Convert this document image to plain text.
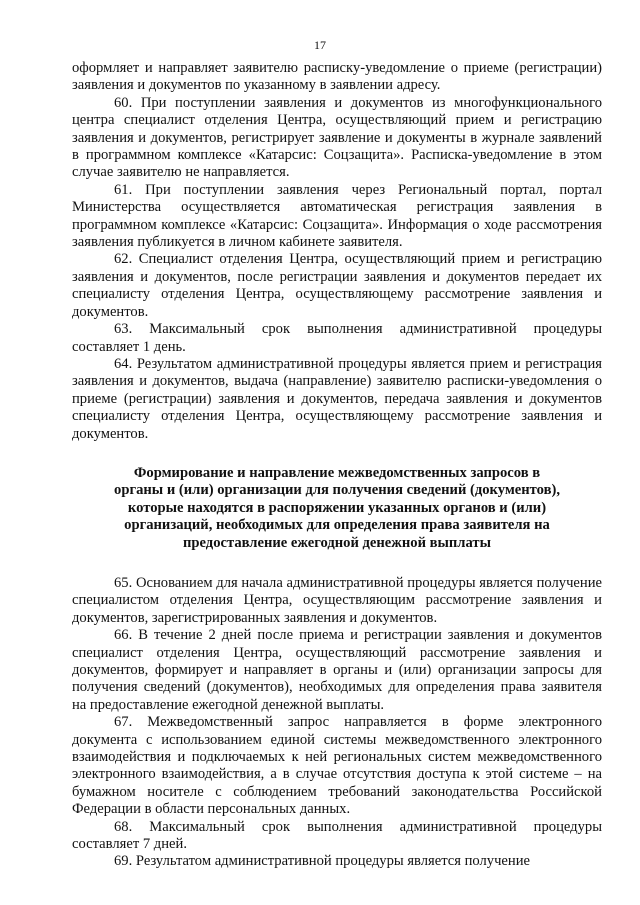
17

оформляет и направляет заявителю расписку-уведомление о приеме (регистрации) заявления и документов по указанному в заявлении адресу.

60. При поступлении заявления и документов из многофункционального центра специалист отделения Центра, осуществляющий прием и регистрацию заявления и документов, регистрирует заявление и документы в журнале заявлений в программном комплексе «Катарсис: Соцзащита». Расписка-уведомление в этом случае заявителю не направляется.

61. При поступлении заявления через Региональный портал, портал Министерства осуществляется автоматическая регистрация заявления в программном комплексе «Катарсис: Соцзащита». Информация о ходе рассмотрения заявления публикуется в личном кабинете заявителя.

62. Специалист отделения Центра, осуществляющий прием и регистрацию заявления и документов, после регистрации заявления и документов передает их специалисту отделения Центра, осуществляющему рассмотрение заявления и документов.

63. Максимальный срок выполнения административной процедуры составляет 1 день.

64. Результатом административной процедуры является прием и регистрация заявления и документов, выдача (направление) заявителю расписки-уведомления о приеме (регистрации) заявления и документов, передача заявления и документов специалисту отделения Центра, осуществляющему рассмотрение заявления и документов.

Формирование и направление межведомственных запросов в органы и (или) организации для получения сведений (документов), которые находятся в распоряжении указанных органов и (или) организаций, необходимых для определения права заявителя на предоставление ежегодной денежной выплаты

65. Основанием для начала административной процедуры является получение специалистом отделения Центра, осуществляющим рассмотрение заявления и документов, зарегистрированных заявления и документов.

66. В течение 2 дней после приема и регистрации заявления и документов специалист отделения Центра, осуществляющий рассмотрение заявления и документов, формирует и направляет в органы и (или) организации запросы для получения сведений (документов), необходимых для определения права заявителя на предоставление ежегодной денежной выплаты.

67. Межведомственный запрос направляется в форме электронного документа с использованием единой системы межведомственного электронного взаимодействия и подключаемых к ней региональных систем межведомственного электронного взаимодействия, а в случае отсутствия доступа к этой системе – на бумажном носителе с соблюдением требований законодательства Российской Федерации в области персональных данных.

68. Максимальный срок выполнения административной процедуры составляет 7 дней.

69. Результатом административной процедуры является получение
